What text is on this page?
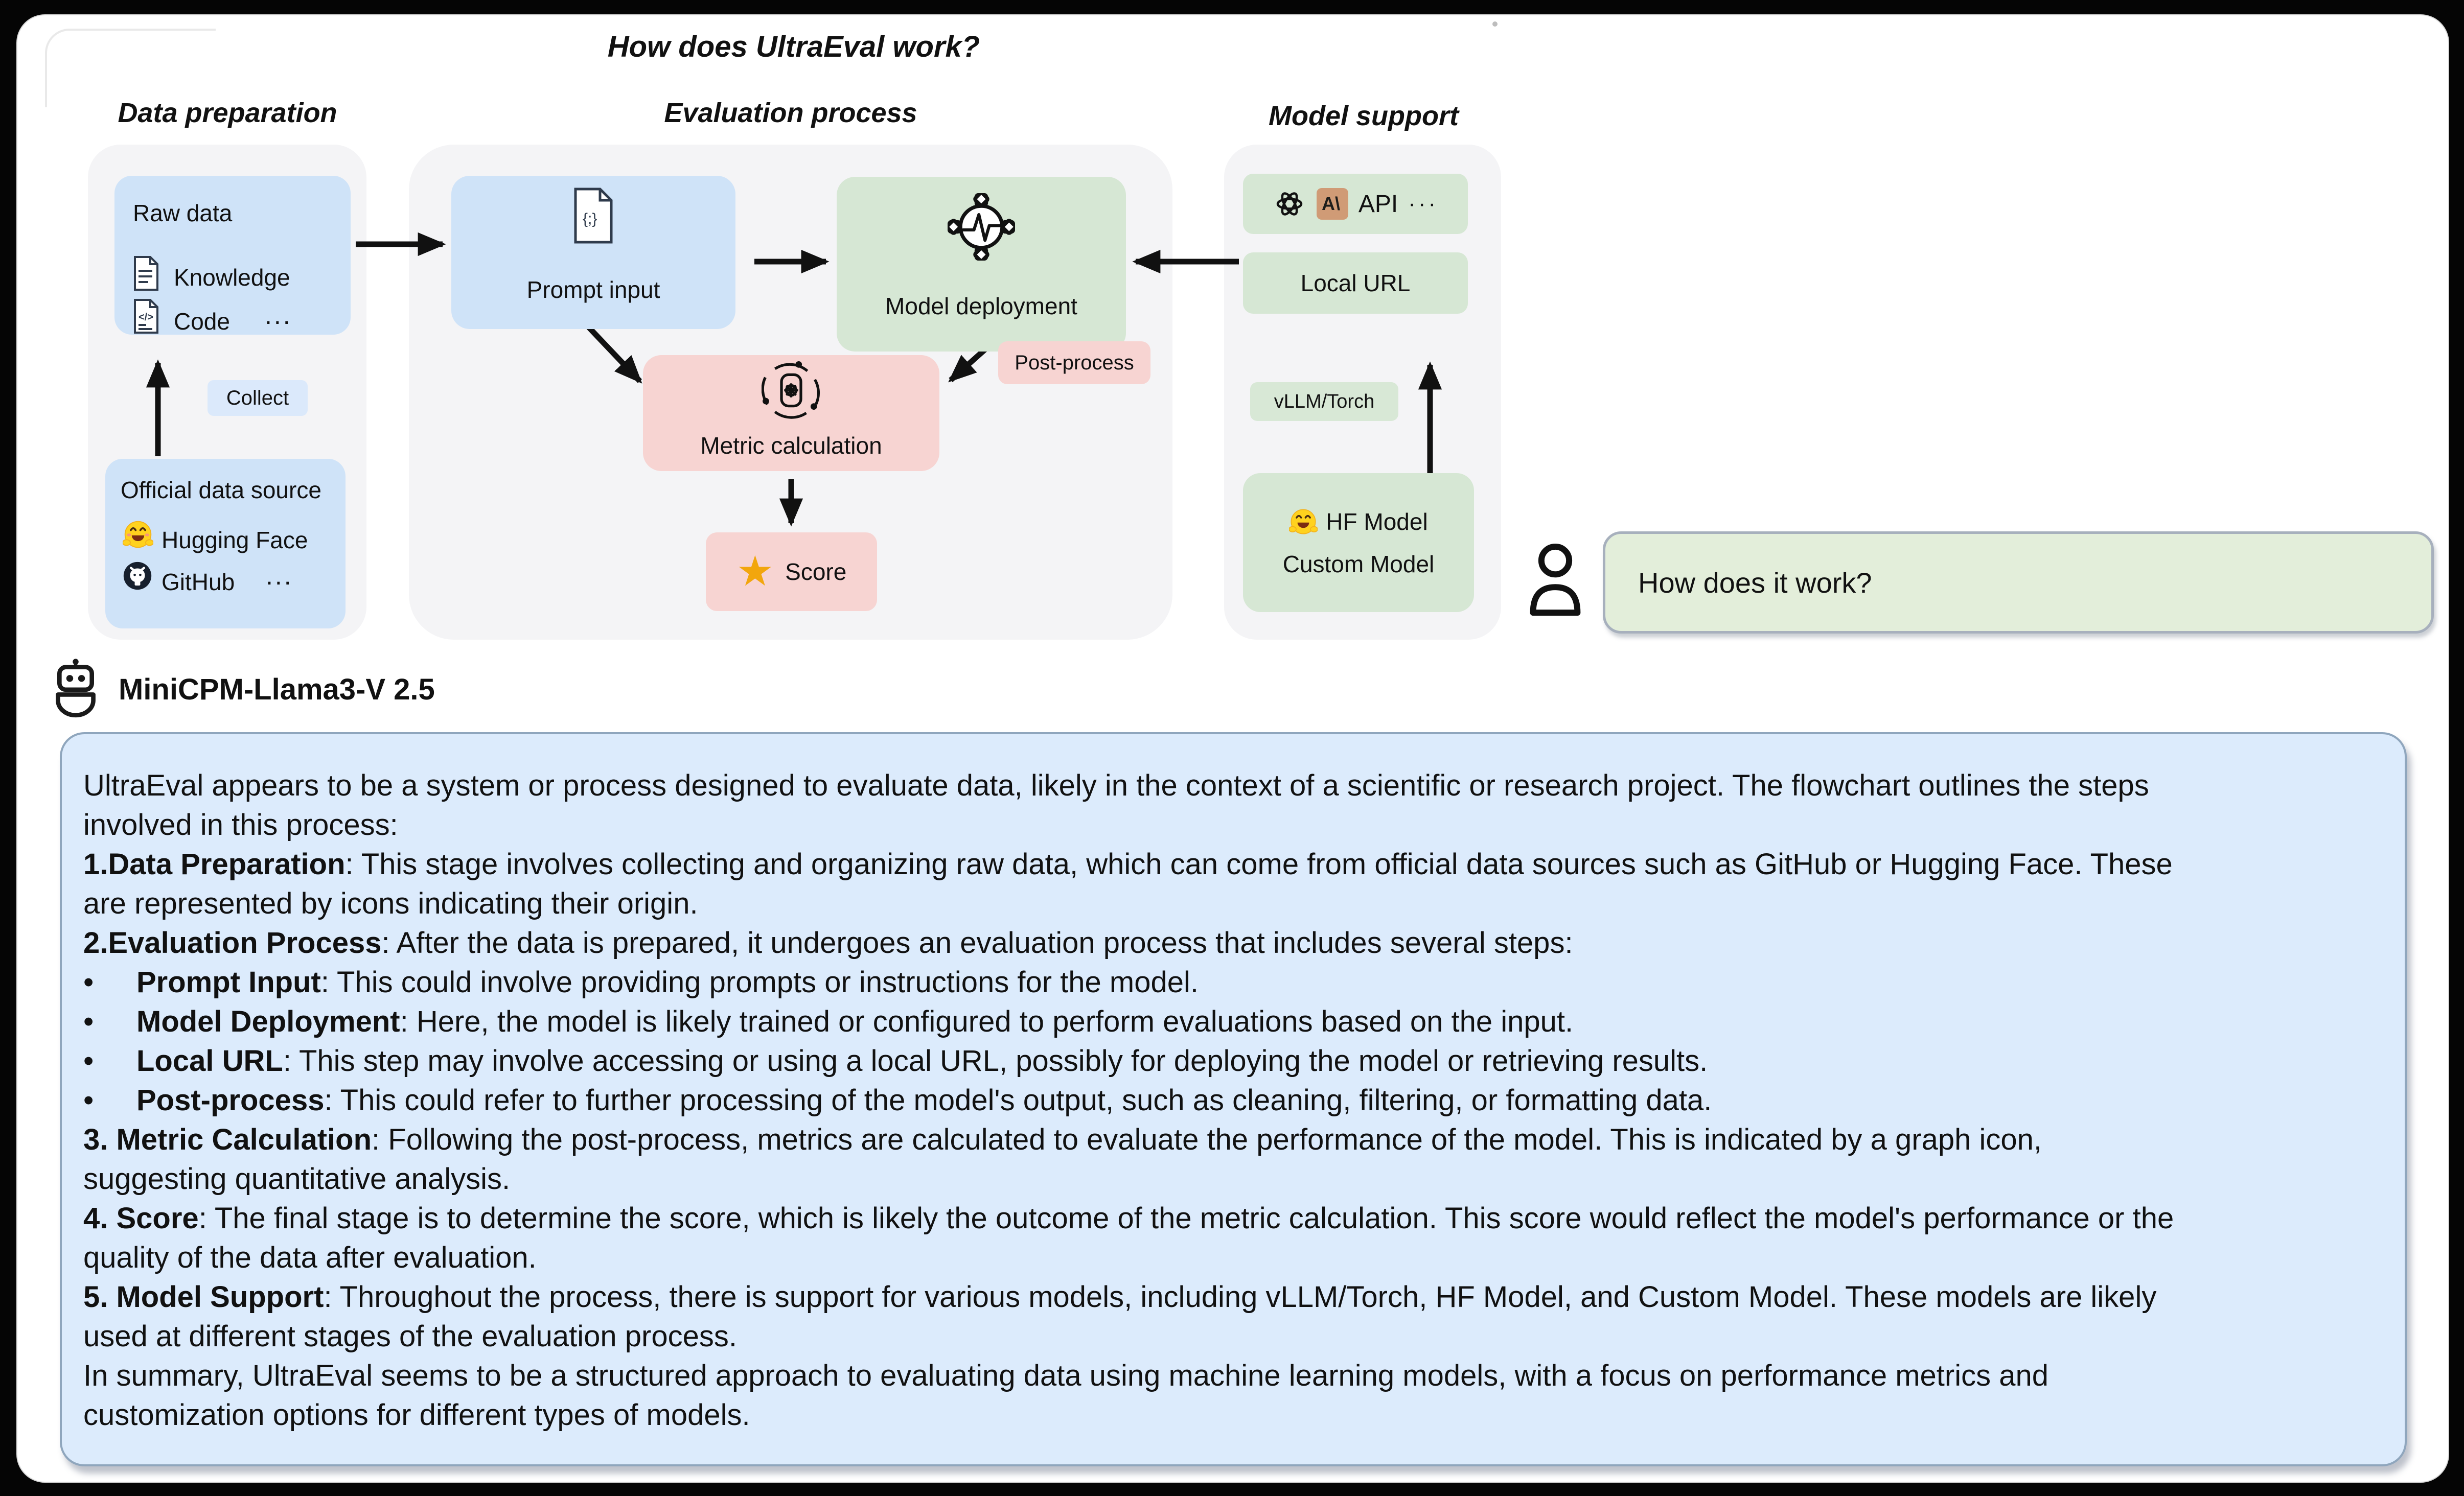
How does UltraEval work?
Data preparation	Evaluation process	Model support
Raw data
Knowledge
</> Code ...
Collect
Official data source
Hugging Face
GitHub ...
{;}
Prompt input
Model deployment
Post-process
Metric calculation
★ Score
A\ API ···
Local URL
vLLM/Torch
HF Model
Custom Model
How does it work?
MiniCPM-Llama3-V 2.5
UltraEval appears to be a system or process designed to evaluate data, likely in the context of a scientific or research project. The flowchart outlines the steps
involved in this process:
1.Data Preparation: This stage involves collecting and organizing raw data, which can come from official data sources such as GitHub or Hugging Face. These
are represented by icons indicating their origin.
2.Evaluation Process: After the data is prepared, it undergoes an evaluation process that includes several steps:
• Prompt Input: This could involve providing prompts or instructions for the model.
• Model Deployment: Here, the model is likely trained or configured to perform evaluations based on the input.
• Local URL: This step may involve accessing or using a local URL, possibly for deploying the model or retrieving results.
• Post-process: This could refer to further processing of the model's output, such as cleaning, filtering, or formatting data.
3. Metric Calculation: Following the post-process, metrics are calculated to evaluate the performance of the model. This is indicated by a graph icon,
suggesting quantitative analysis.
4. Score: The final stage is to determine the score, which is likely the outcome of the metric calculation. This score would reflect the model's performance or the
quality of the data after evaluation.
5. Model Support: Throughout the process, there is support for various models, including vLLM/Torch, HF Model, and Custom Model. These models are likely
used at different stages of the evaluation process.
In summary, UltraEval seems to be a structured approach to evaluating data using machine learning models, with a focus on performance metrics and
customization options for different types of models.
